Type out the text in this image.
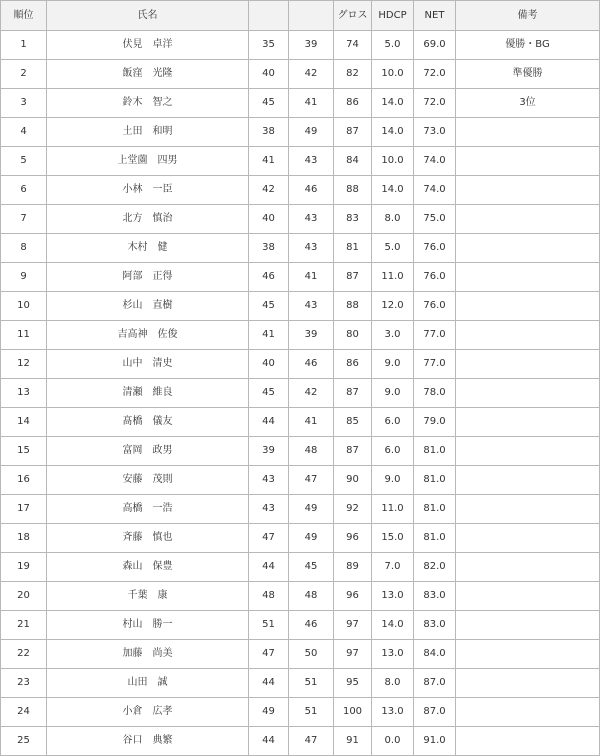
順位	氏名			グロス	HDCP	NET	備考
1	伏見　卓洋	35	39	74	5.0	69.0	優勝・BG
2	飯窪　光隆	40	42	82	10.0	72.0	準優勝
3	鈴木　智之	45	41	86	14.0	72.0	3位
4	土田　和明	38	49	87	14.0	73.0	
5	上堂薗　四男	41	43	84	10.0	74.0	
6	小林　一臣	42	46	88	14.0	74.0	
7	北方　慎治	40	43	83	8.0	75.0	
8	木村　健	38	43	81	5.0	76.0	
9	阿部　正得	46	41	87	11.0	76.0	
10	杉山　直樹	45	43	88	12.0	76.0	
11	吉高神　佐俊	41	39	80	3.0	77.0	
12	山中　清史	40	46	86	9.0	77.0	
13	清瀬　維良	45	42	87	9.0	78.0	
14	髙橋　儀友	44	41	85	6.0	79.0	
15	富岡　政男	39	48	87	6.0	81.0	
16	安藤　茂則	43	47	90	9.0	81.0	
17	高橋　一浩	43	49	92	11.0	81.0	
18	斉藤　慎也	47	49	96	15.0	81.0	
19	森山　保豊	44	45	89	7.0	82.0	
20	千葉　康	48	48	96	13.0	83.0	
21	村山　勝一	51	46	97	14.0	83.0	
22	加藤　尚美	47	50	97	13.0	84.0	
23	山田　誠	44	51	95	8.0	87.0	
24	小倉　広孝	49	51	100	13.0	87.0	
25	谷口　典繁	44	47	91	0.0	91.0	
